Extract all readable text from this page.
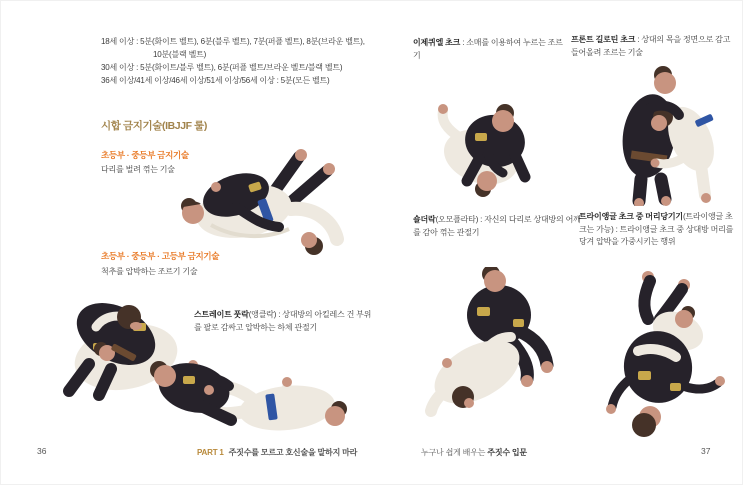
18세 이상 : 5분(화이트 벨트), 6분(블루 벨트), 7분(퍼플 벨트), 8분(브라운 벨트), 10분(블랙 벨트)

30세 이상 : 5분(화이트/블루 벨트), 6분(퍼플 벨트/브라운 벨트/블랙 벨트)

36세 이상/41세 이상/46세 이상/51세 이상/56세 이상 : 5분(모든 벨트)

시합 금지기술(IBJJF 룰)
초등부 · 중등부 금지기술
다리를 벌려 꺾는 기술
초등부 · 중등부 · 고등부 금지기술
척추를 압박하는 조르기 기술
스트레이트 풋락(앵클락) : 상대방의 아킬레스 건 부위를 팔로 감싸고 압박하는 하체 관절기
36	PART 1 주짓수를 모르고 호신술을 말하지 마라
이제퀴엘 초크 : 소매를 이용하여 누르는 조르기
프론트 길로틴 초크 : 상대의 목을 정면으로 감고 들어올려 조르는 기술
숄더락(오모플라타) : 자신의 다리로 상대방의 어깨를 감아 꺾는 관절기
트라이앵글 초크 중 머리당기기(트라이앵글 초크는 가능) : 트라이앵글 초크 중 상대방 머리를 당겨 압박을 가중시키는 행위
누구나 쉽게 배우는 주짓수 입문	37
